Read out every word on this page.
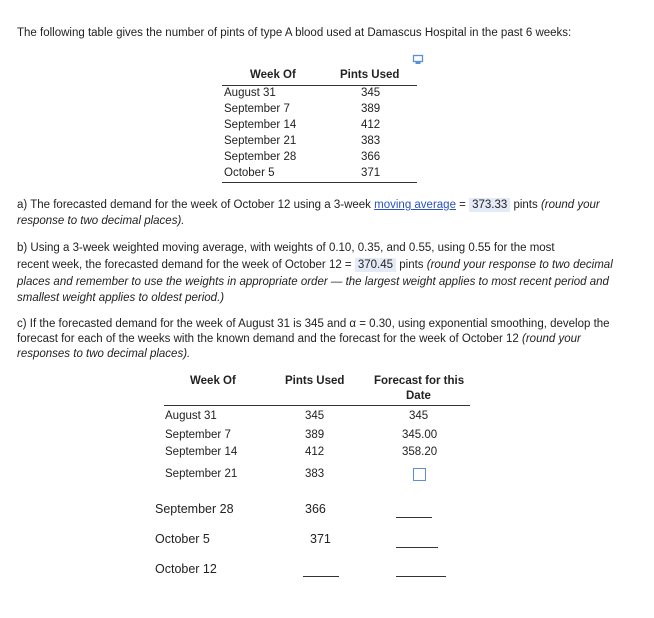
The following table gives the number of pints of type A blood used at Damascus Hospital in the past 6 weeks:
Week Of	Pints Used
August 31	345
September 7	389
September 14	412
September 21	383
September 28	366
October 5	371
a) The forecasted demand for the week of October 12 using a 3-week moving average = 373.33 pints (round your
response to two decimal places).
b) Using a 3-week weighted moving average, with weights of 0.10, 0.35, and 0.55, using 0.55 for the most
recent week, the forecasted demand for the week of October 12 = 370.45 pints (round your response to two decimal
places and remember to use the weights in appropriate order — the largest weight applies to most recent period and
smallest weight applies to oldest period.)
c) If the forecasted demand for the week of August 31 is 345 and α = 0.30, using exponential smoothing, develop the
forecast for each of the weeks with the known demand and the forecast for the week of October 12 (round your
responses to two decimal places).
Week Of	Pints Used	Forecast for this
Date
August 31	345	345
September 7	389	345.00
September 14	412	358.20
September 21	383
September 28	366
October 5	371
October 12
